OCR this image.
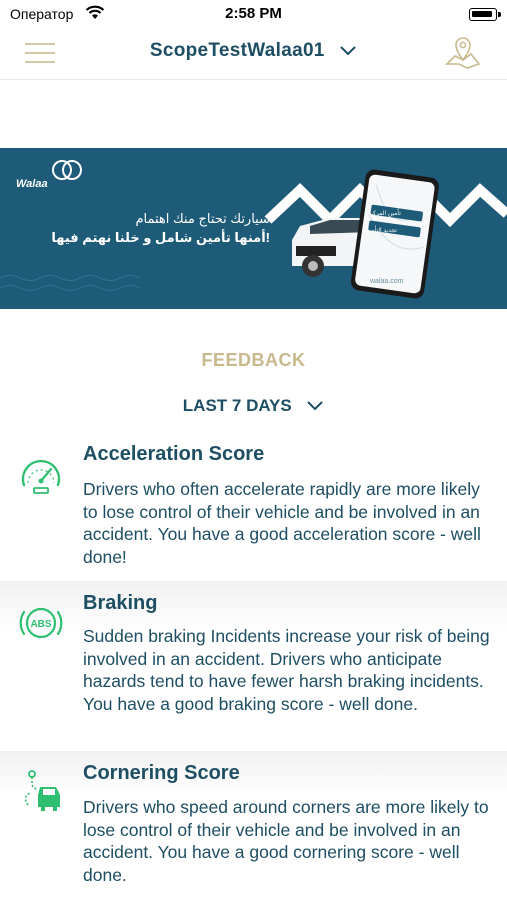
Оператор	2:58 PM
ScopeTestWalaa01
Walaa
سيارتك تحتاج منك اهتمام
أمنها تأمين شامل و خلنا نهتم فيها!
تأمين المركبة
تجديد التأمين
walaa.com
FEEDBACK
LAST 7 DAYS
Acceleration Score
Drivers who often accelerate rapidly are more likely to lose control of their vehicle and be involved in an accident. You have a good acceleration score - well done!
ABS
Braking
Sudden braking Incidents increase your risk of being involved in an accident. Drivers who anticipate hazards tend to have fewer harsh braking incidents. You have a good braking score - well done.
Cornering Score
Drivers who speed around corners are more likely to lose control of their vehicle and be involved in an accident. You have a good cornering score - well done.
